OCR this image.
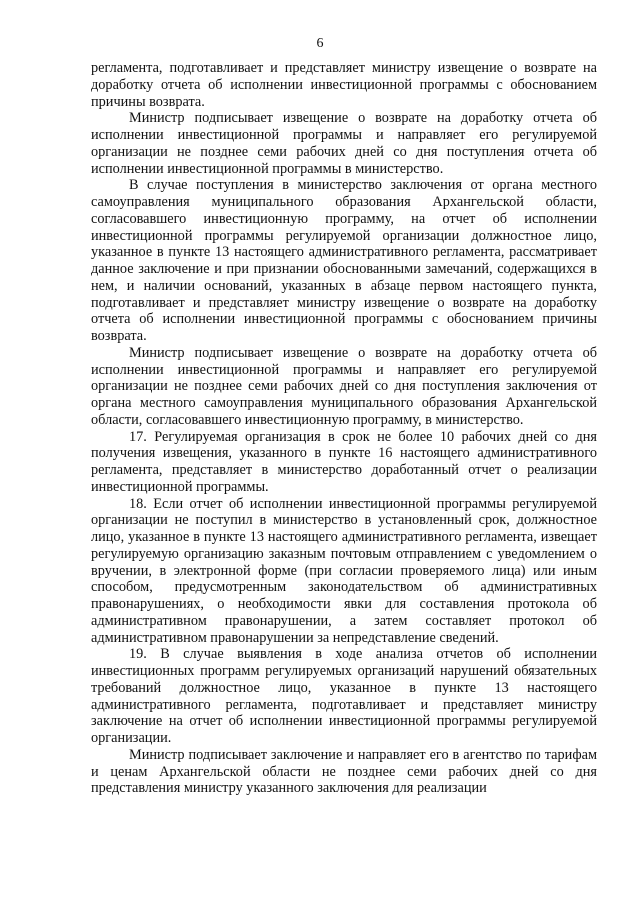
6

регламента, подготавливает и представляет министру извещение о возврате на доработку отчета об исполнении инвестиционной программы с обоснованием причины возврата.

Министр подписывает извещение о возврате на доработку отчета об исполнении инвестиционной программы и направляет его регулируемой организации не позднее семи рабочих дней со дня поступления отчета об исполнении инвестиционной программы в министерство.

В случае поступления в министерство заключения от органа местного самоуправления муниципального образования Архангельской области, согласовавшего инвестиционную программу, на отчет об исполнении инвестиционной программы регулируемой организации должностное лицо, указанное в пункте 13 настоящего административного регламента, рассматривает данное заключение и при признании обоснованными замечаний, содержащихся в нем, и наличии оснований, указанных в абзаце первом настоящего пункта, подготавливает и представляет министру извещение о возврате на доработку отчета об исполнении инвестиционной программы с обоснованием причины возврата.

Министр подписывает извещение о возврате на доработку отчета об исполнении инвестиционной программы и направляет его регулируемой организации не позднее семи рабочих дней со дня поступления заключения от органа местного самоуправления муниципального образования Архангельской области, согласовавшего инвестиционную программу, в министерство.

17. Регулируемая организация в срок не более 10 рабочих дней со дня получения извещения, указанного в пункте 16 настоящего административного регламента, представляет в министерство доработанный отчет о реализации инвестиционной программы.

18. Если отчет об исполнении инвестиционной программы регулируемой организации не поступил в министерство в установленный срок, должностное лицо, указанное в пункте 13 настоящего административного регламента, извещает регулируемую организацию заказным почтовым отправлением с уведомлением о вручении, в электронной форме (при согласии проверяемого лица) или иным способом, предусмотренным законодательством об административных правонарушениях, о необходимости явки для составления протокола об административном правонарушении, а затем составляет протокол об административном правонарушении за непредставление сведений.

19. В случае выявления в ходе анализа отчетов об исполнении инвестиционных программ регулируемых организаций нарушений обязательных требований должностное лицо, указанное в пункте 13 настоящего административного регламента, подготавливает и представляет министру заключение на отчет об исполнении инвестиционной программы регулируемой организации.

Министр подписывает заключение и направляет его в агентство по тарифам и ценам Архангельской области не позднее семи рабочих дней со дня представления министру указанного заключения для реализации
